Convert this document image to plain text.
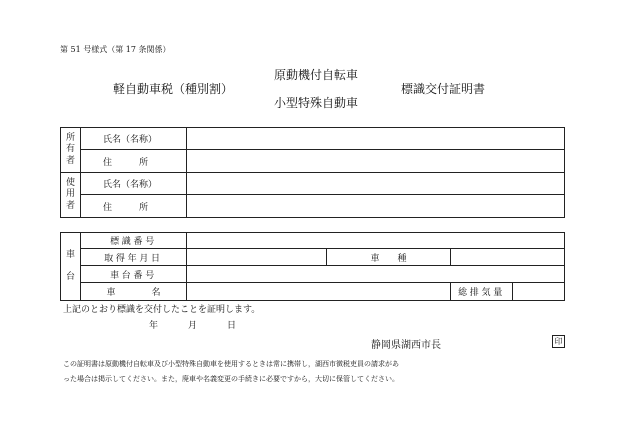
第 51 号様式（第 17 条関係）
軽自動車税（種別割）
原動機付自転車
小型特殊自動車
標識交付証明書
所
有
者	氏名（名称）	
	住　　　所	
使
用
者	氏名（名称）	
	住　　　所	
車

台	標識番号				
	取得年月日		車　　種		
	車台番号				
	車　　　　名			総排気量	
上記のとおり標識を交付したことを証明します。
年	月	日
静岡県湖西市長	印
この証明書は原動機付自転車及び小型特殊自動車を使用するときは常に携帯し，湖西市徴税吏員の請求があ
った場合は掲示してください。また，廃車や名義変更の手続きに必要ですから，大切に保管してください。
